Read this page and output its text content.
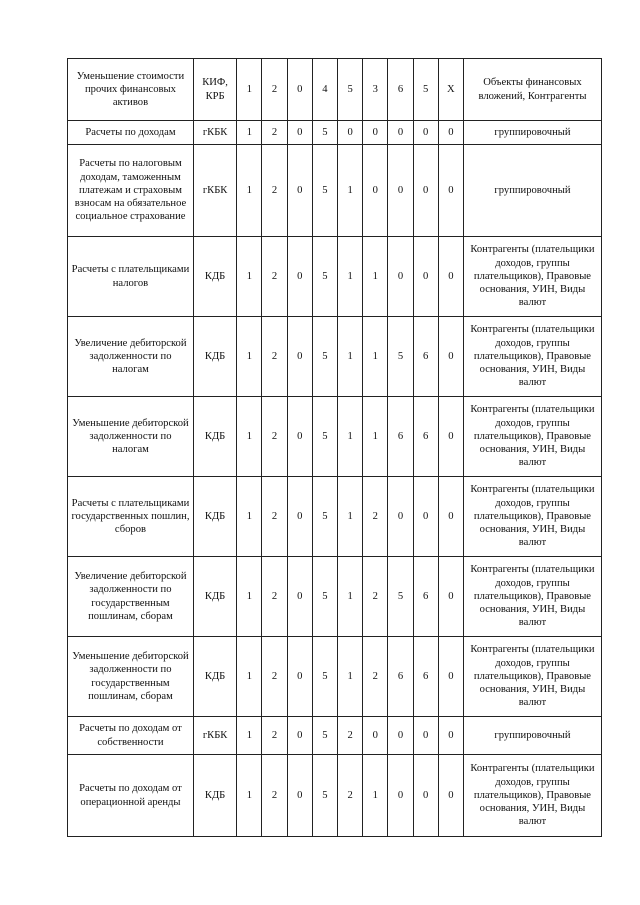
Уменьшение стоимости прочих финансовых активов	КИФ, КРБ	1	2	0	4	5	3	6	5	X	Объекты финансовых вложений, Контрагенты
Расчеты по доходам	гКБК	1	2	0	5	0	0	0	0	0	группировочный
Расчеты по налоговым доходам, таможенным платежам и страховым взносам на обязательное социальное страхование	гКБК	1	2	0	5	1	0	0	0	0	группировочный
Расчеты с плательщиками налогов	КДБ	1	2	0	5	1	1	0	0	0	Контрагенты (плательщики доходов, группы плательщиков), Правовые основания, УИН, Виды валют
Увеличение дебиторской задолженности по налогам	КДБ	1	2	0	5	1	1	5	6	0	Контрагенты (плательщики доходов, группы плательщиков), Правовые основания, УИН, Виды валют
Уменьшение дебиторской задолженности по налогам	КДБ	1	2	0	5	1	1	6	6	0	Контрагенты (плательщики доходов, группы плательщиков), Правовые основания, УИН, Виды валют
Расчеты с плательщиками государственных пошлин, сборов	КДБ	1	2	0	5	1	2	0	0	0	Контрагенты (плательщики доходов, группы плательщиков), Правовые основания, УИН, Виды валют
Увеличение дебиторской задолженности по государственным пошлинам, сборам	КДБ	1	2	0	5	1	2	5	6	0	Контрагенты (плательщики доходов, группы плательщиков), Правовые основания, УИН, Виды валют
Уменьшение дебиторской задолженности по государственным пошлинам, сборам	КДБ	1	2	0	5	1	2	6	6	0	Контрагенты (плательщики доходов, группы плательщиков), Правовые основания, УИН, Виды валют
Расчеты по доходам от собственности	гКБК	1	2	0	5	2	0	0	0	0	группировочный
Расчеты по доходам от операционной аренды	КДБ	1	2	0	5	2	1	0	0	0	Контрагенты (плательщики доходов, группы плательщиков), Правовые основания, УИН, Виды валют
